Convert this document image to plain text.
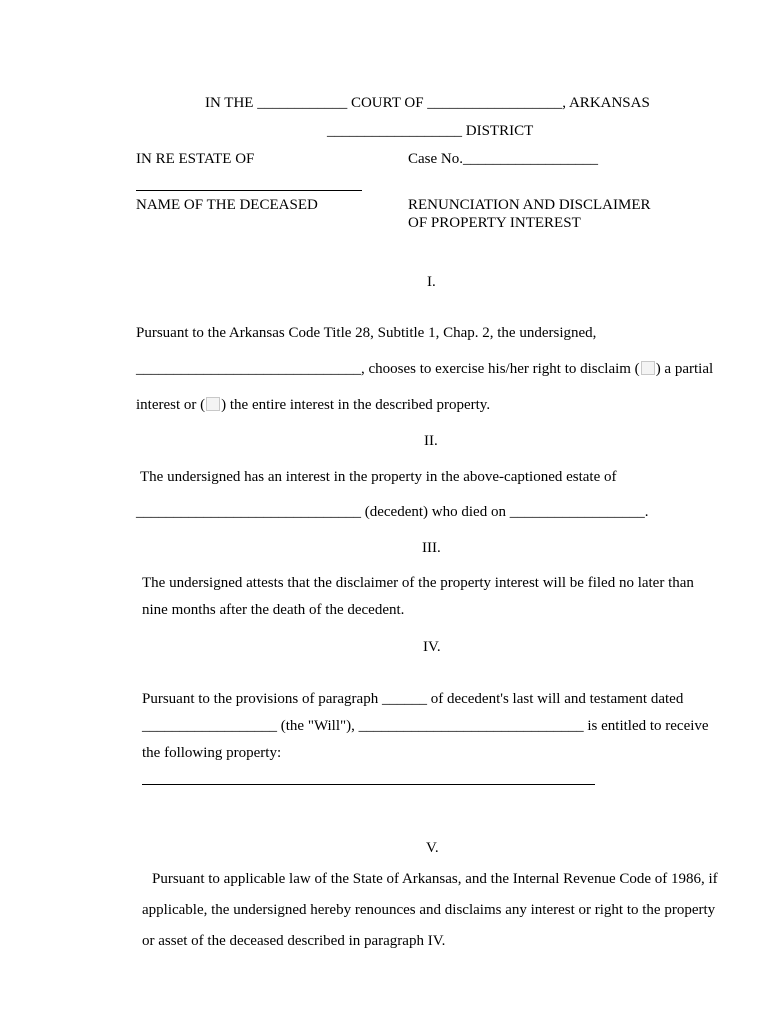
IN THE ____________ COURT OF __________________, ARKANSAS
__________________ DISTRICT
IN RE ESTATE OF	Case No.__________________
NAME OF THE DECEASED	RENUNCIATION AND DISCLAIMER
OF PROPERTY INTEREST
I.
Pursuant to the Arkansas Code Title 28, Subtitle 1, Chap. 2, the undersigned,
______________________________, chooses to exercise his/her right to disclaim ( ) a partial
interest or ( ) the entire interest in the described property.
II.
The undersigned has an interest in the property in the above-captioned estate of
______________________________ (decedent) who died on __________________.
III.
The undersigned attests that the disclaimer of the property interest will be filed no later than
nine months after the death of the decedent.
IV.
Pursuant to the provisions of paragraph ______ of decedent's last will and testament dated
__________________ (the "Will"), ______________________________ is entitled to receive
the following property:
V.
Pursuant to applicable law of the State of Arkansas, and the Internal Revenue Code of 1986, if
applicable, the undersigned hereby renounces and disclaims any interest or right to the property
or asset of the deceased described in paragraph IV.
